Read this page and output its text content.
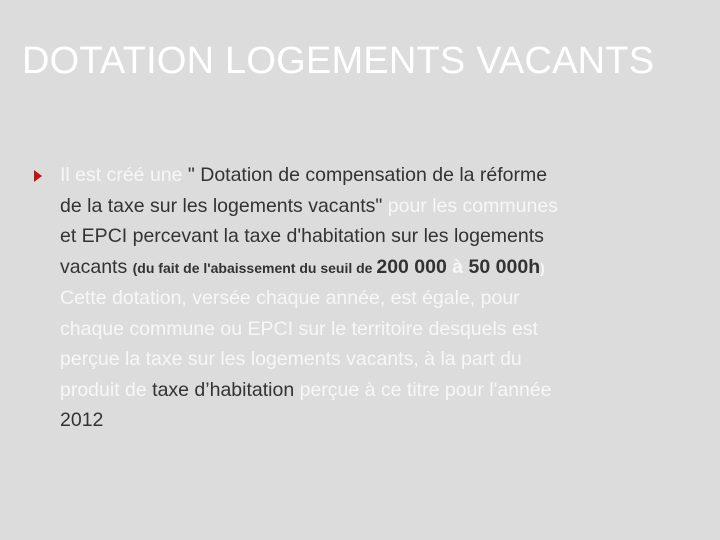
DOTATION LOGEMENTS VACANTS

Il est créé une " Dotation de compensation de la réforme
de la taxe sur les logements vacants" pour les communes
et EPCI percevant la taxe d'habitation sur les logements
vacants (du fait de l'abaissement du seuil de 200 000 à 50 000h)

Cette dotation, versée chaque année, est égale, pour
chaque commune ou EPCI sur le territoire desquels est
perçue la taxe sur les logements vacants, à la part du
produit de taxe d’habitation perçue à ce titre pour l'année
2012
